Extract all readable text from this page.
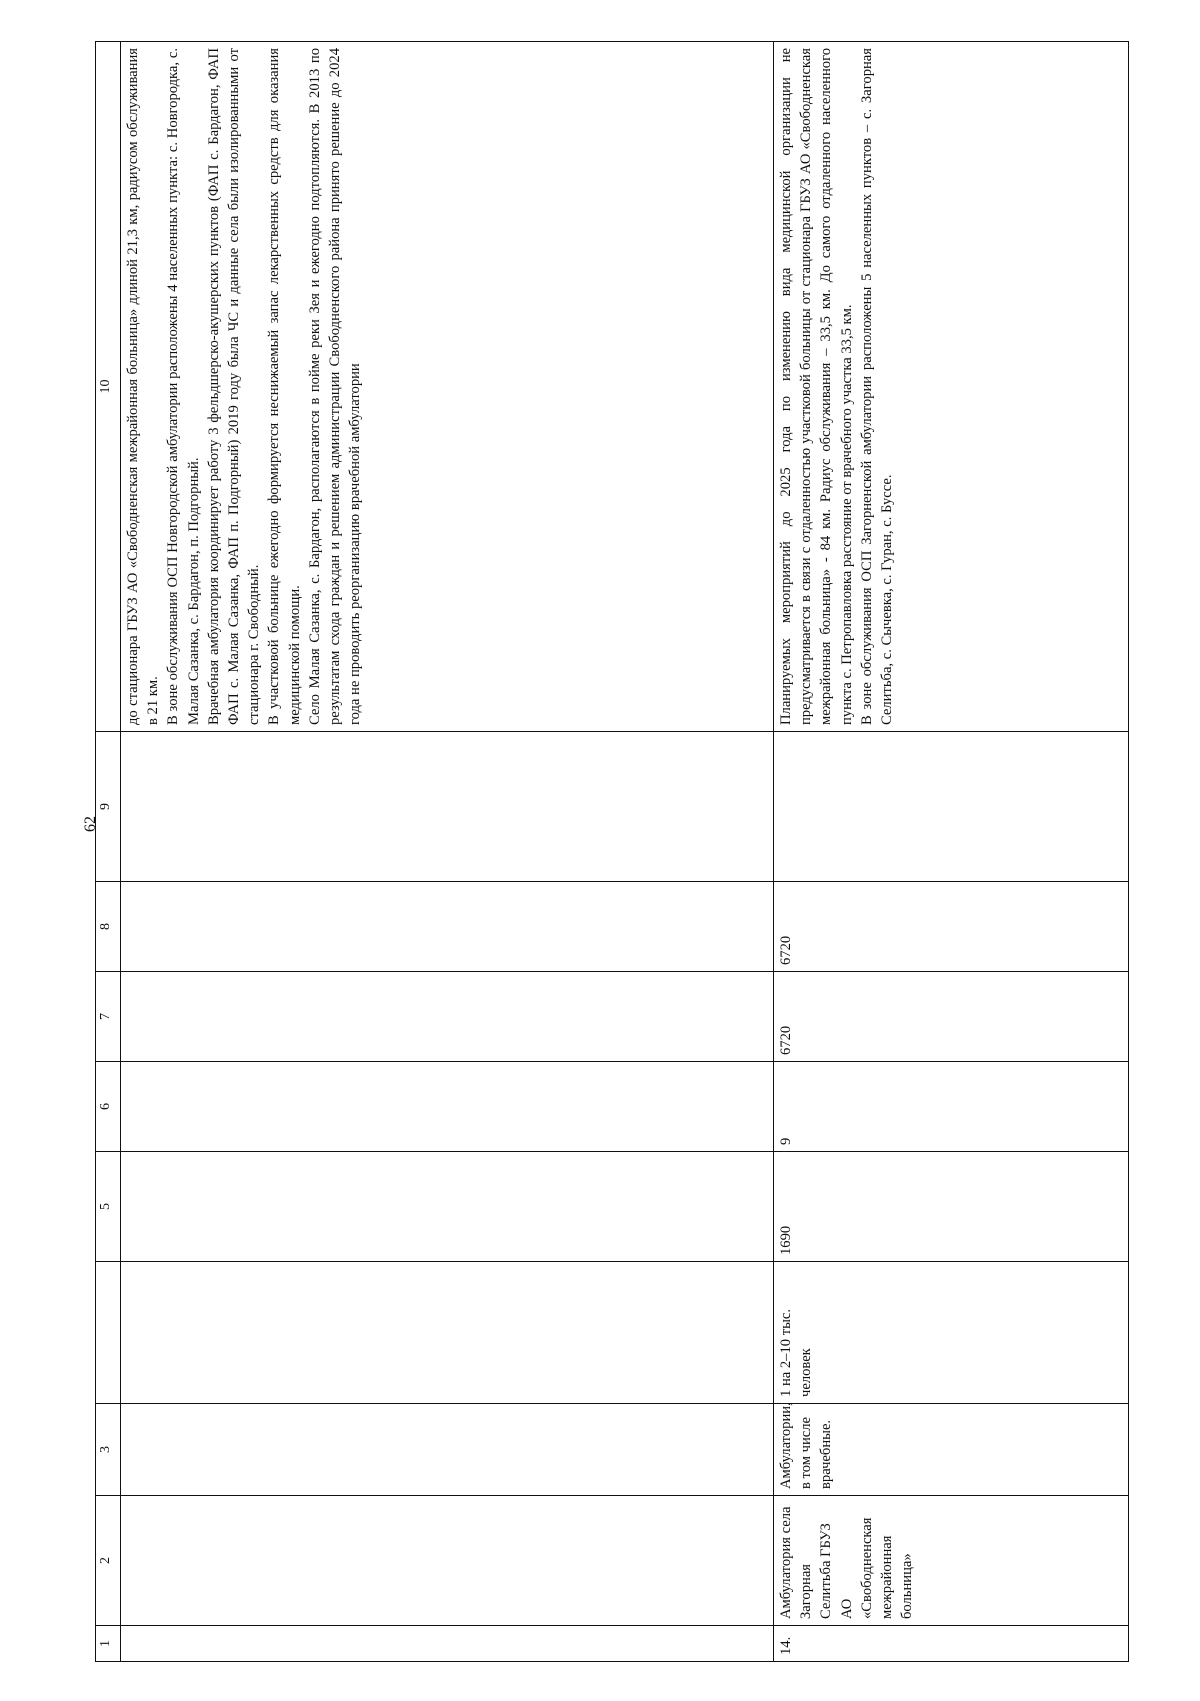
62
1	2	3		5	6	7	8	9	10

									до стационара ГБУЗ АО «Свободненская межрайонная больница» длиной 21,3 км, радиусом обслуживания в 21 км. В зоне обслуживания ОСП Новгородской амбулатории расположены 4 населенных пункта: с. Новгородка, с. Малая Сазанка, с. Бардагон, п. Подгорный. Врачебная амбулатория координирует работу 3 фельдшерско-акушерских пунктов (ФАП с. Бардагон, ФАП ФАП с. Малая Сазанка, ФАП п. Подгорный) 2019 году была ЧС и данные села были изолированными от стационара г. Свободный. В участковой больнице ежегодно формируется неснижаемый запас лекарственных средств для оказания медицинской помощи. Село Малая Сазанка, с. Бардагон, располагаются в пойме реки Зея и ежегодно подтопляются. В 2013 по результатам схода граждан и решением администрации Свободненского района принято решение до 2024 года не проводить реорганизацию врачебной амбулатории

14.	Амбулатория села Загорная Селитьба ГБУЗ АО «Свободненская межрайонная больница»	Амбулатории, в том числе врачебные.	1 на 2–10 тыс. человек	1690	9	6720	6720		Планируемых мероприятий до 2025 года по изменению вида медицинской организации не предусматривается в связи с отдаленностью участковой больницы от стационара ГБУЗ АО «Свободненская межрайонная больница» - 84 км. Радиус обслуживания – 33,5 км. До самого отдаленного населенного пункта с. Петропавловка расстояние от врачебного участка 33,5 км. В зоне обслуживания ОСП Загорненской амбулатории расположены 5 населенных пунктов – с. Загорная Селитьба, с. Сычевка, с. Гуран, с. Буссе.
